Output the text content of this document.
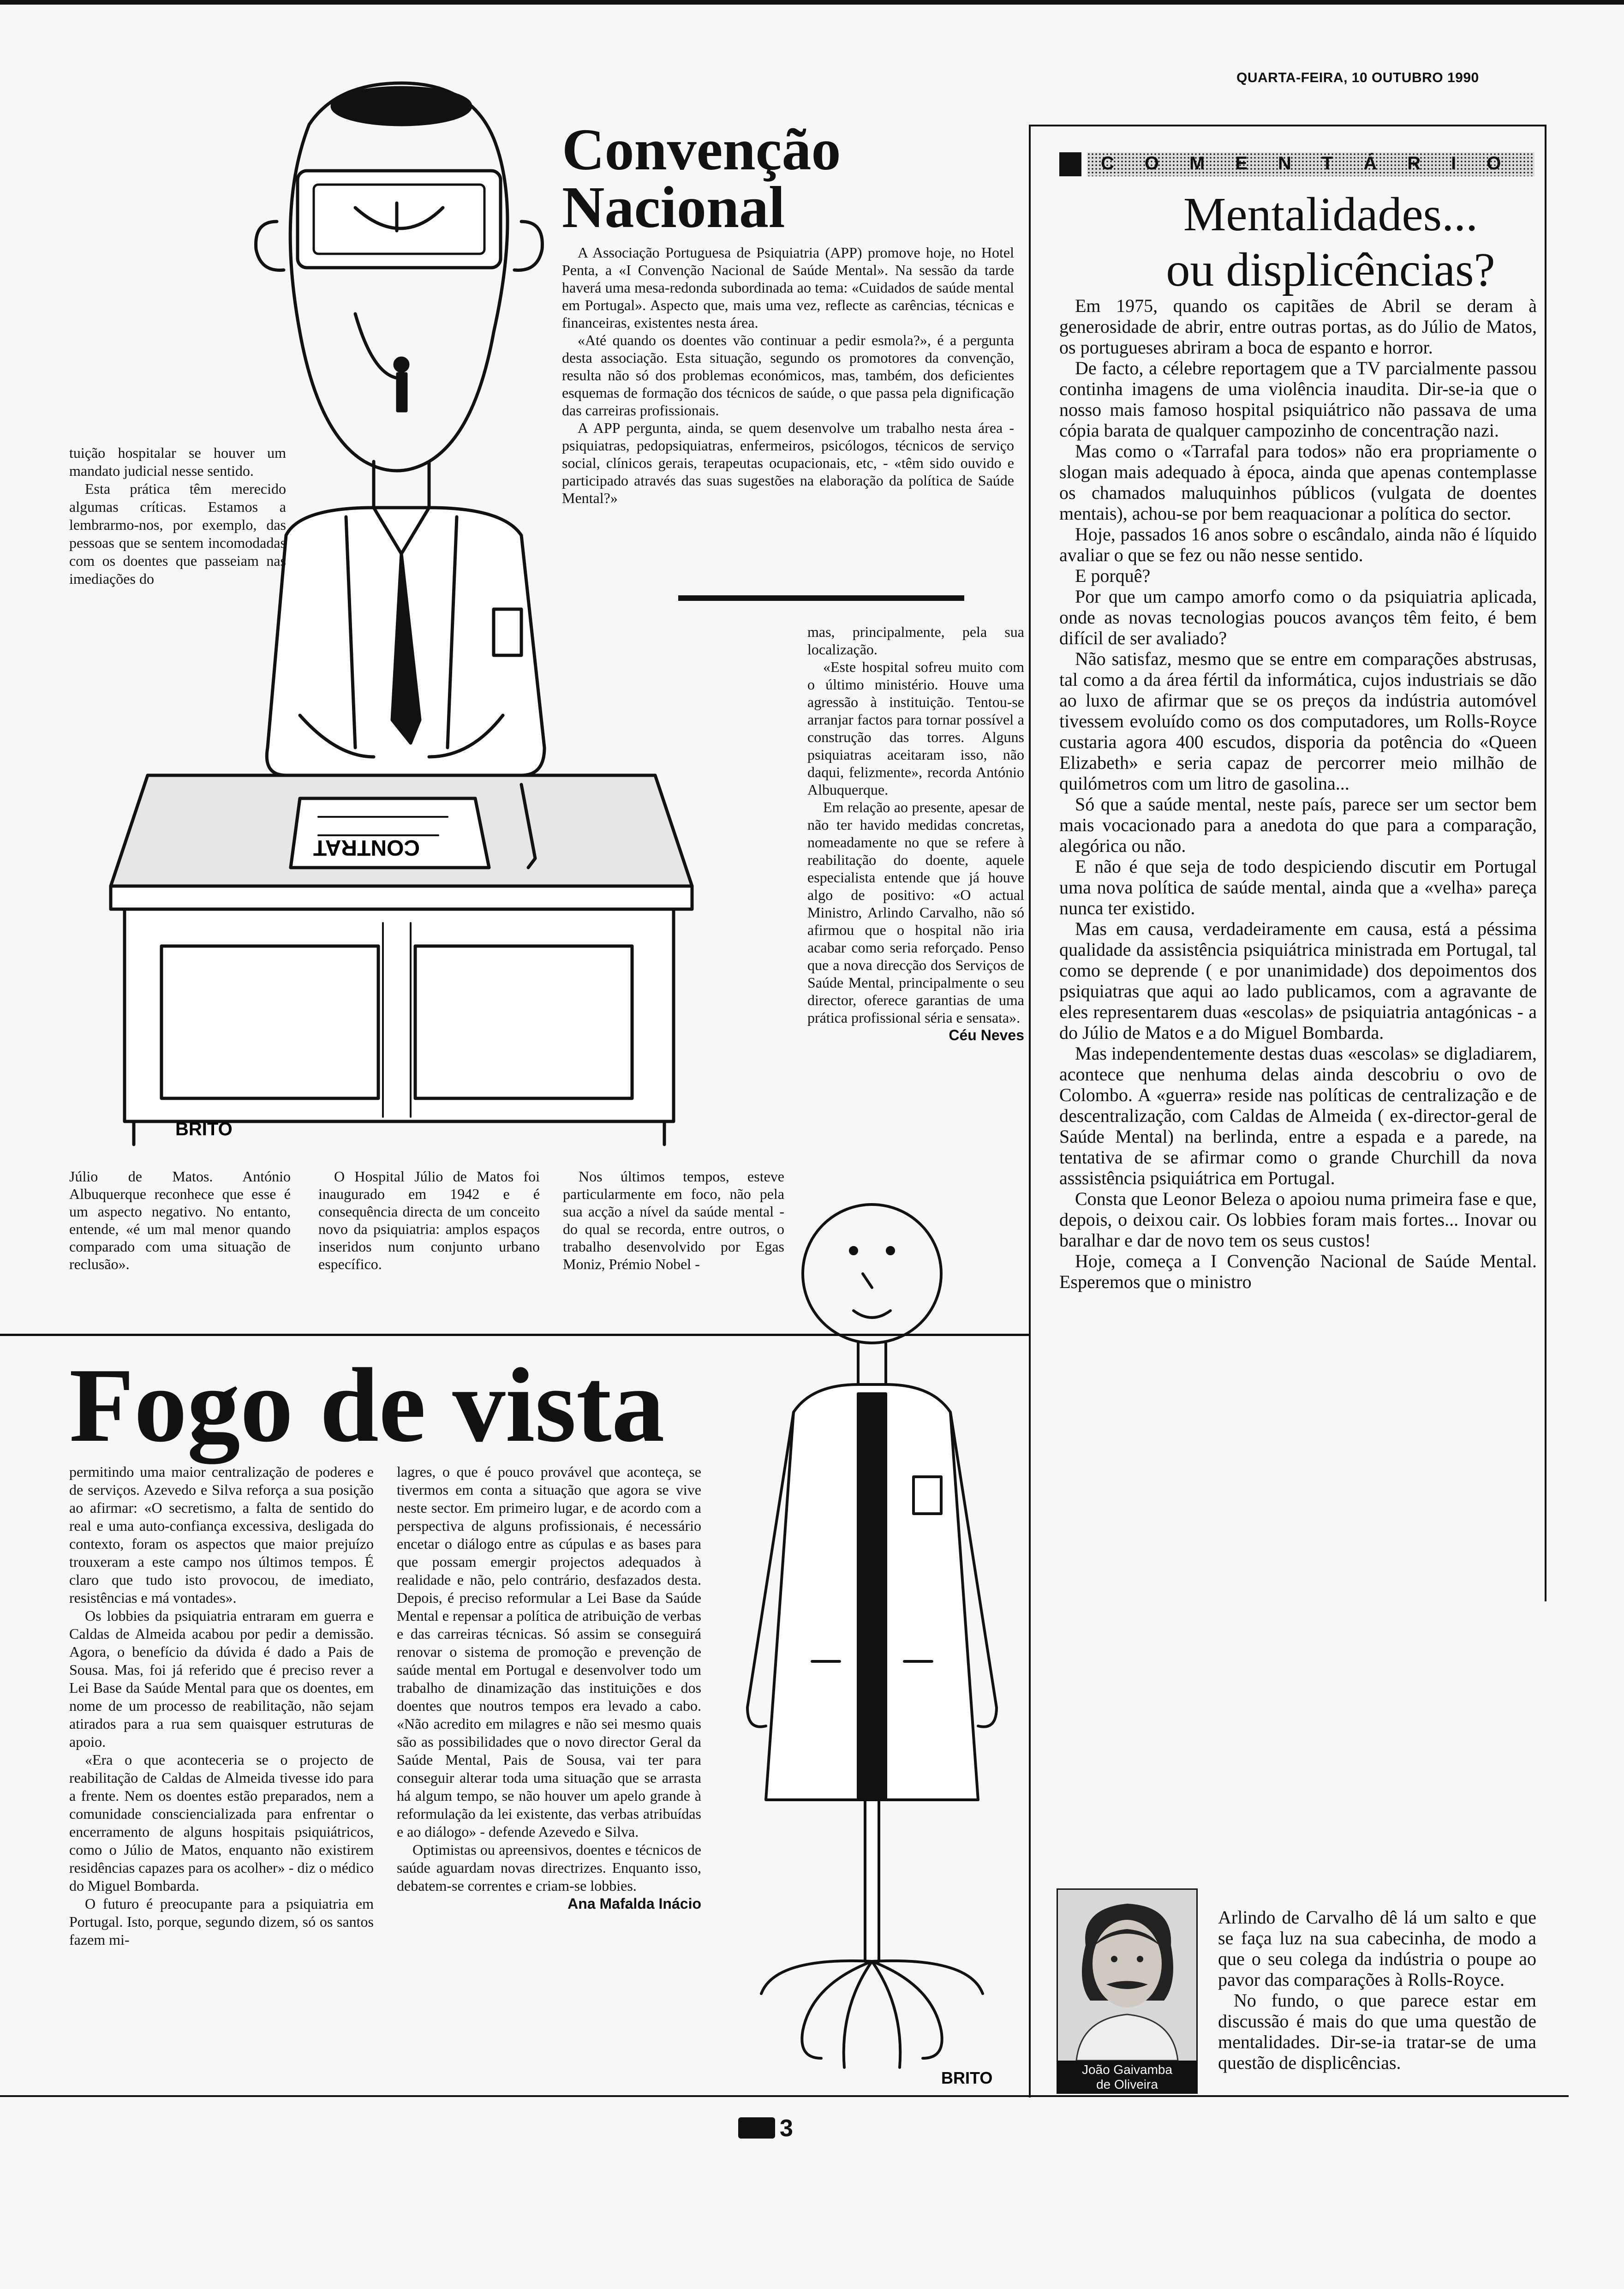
QUARTA-FEIRA, 10 OUTUBRO 1990
CONTRAT
BRITO
Convenção
Nacional

A Associação Portuguesa de Psiquiatria (APP) promove hoje, no Hotel Penta, a «I Convenção Nacional de Saúde Mental». Na sessão da tarde haverá uma mesa-redonda subordinada ao tema: «Cuidados de saúde mental em Portugal». Aspecto que, mais uma vez, reflecte as carências, técnicas e financeiras, existentes nesta área.

«Até quando os doentes vão continuar a pedir esmola?», é a pergunta desta associação. Esta situação, segundo os promotores da convenção, resulta não só dos problemas económicos, mas, também, dos deficientes esquemas de formação dos técnicos de saúde, o que passa pela dignificação das carreiras profissionais.

A APP pergunta, ainda, se quem desenvolve um trabalho nesta área - psiquiatras, pedopsiquiatras, enfermeiros, psicólogos, técnicos de serviço social, clínicos gerais, terapeutas ocupacionais, etc, - «têm sido ouvido e participado através das suas sugestões na elaboração da política de Saúde Mental?»

tuição hospitalar se houver um mandato judicial nesse sentido.

Esta prática têm merecido algumas críticas. Estamos a lembrarmo-nos, por exemplo, das pessoas que se sentem incomodadas com os doentes que passeiam nas imediações do

mas, principalmente, pela sua localização.

«Este hospital sofreu muito com o último ministério. Houve uma agressão à instituição. Tentou-se arranjar factos para tornar possível a construção das torres. Alguns psiquiatras aceitaram isso, não daqui, felizmente», recorda António Albuquerque.

Em relação ao presente, apesar de não ter havido medidas concretas, nomeadamente no que se refere à reabilitação do doente, aquele especialista entende que já houve algo de positivo: «O actual Ministro, Arlindo Carvalho, não só afirmou que o hospital não iria acabar como seria reforçado. Penso que a nova direcção dos Serviços de Saúde Mental, principalmente o seu director, oferece garantias de uma prática profissional séria e sensata».

Céu Neves

Júlio de Matos. António Albuquerque reconhece que esse é um aspecto negativo. No entanto, entende, «é um mal menor quando comparado com uma situação de reclusão».

O Hospital Júlio de Matos foi inaugurado em 1942 e é consequência directa de um conceito novo da psiquiatria: amplos espaços inseridos num conjunto urbano específico.

Nos últimos tempos, esteve particularmente em foco, não pela sua acção a nível da saúde mental - do qual se recorda, entre outros, o trabalho desenvolvido por Egas Moniz, Prémio Nobel -

Fogo de vista

permitindo uma maior centralização de poderes e de serviços. Azevedo e Silva reforça a sua posição ao afirmar: «O secretismo, a falta de sentido do real e uma auto-confiança excessiva, desligada do contexto, foram os aspectos que maior prejuízo trouxeram a este campo nos últimos tempos. É claro que tudo isto provocou, de imediato, resistências e má vontades».

Os lobbies da psiquiatria entraram em guerra e Caldas de Almeida acabou por pedir a demissão. Agora, o benefício da dúvida é dado a Pais de Sousa. Mas, foi já referido que é preciso rever a Lei Base da Saúde Mental para que os doentes, em nome de um processo de reabilitação, não sejam atirados para a rua sem quaisquer estruturas de apoio.

«Era o que aconteceria se o projecto de reabilitação de Caldas de Almeida tivesse ido para a frente. Nem os doentes estão preparados, nem a comunidade consciencializada para enfrentar o encerramento de alguns hospitais psiquiátricos, como o Júlio de Matos, enquanto não existirem residências capazes para os acolher» - diz o médico do Miguel Bombarda.

O futuro é preocupante para a psiquiatria em Portugal. Isto, porque, segundo dizem, só os santos fazem mi-

lagres, o que é pouco provável que aconteça, se tivermos em conta a situação que agora se vive neste sector. Em primeiro lugar, e de acordo com a perspectiva de alguns profissionais, é necessário encetar o diálogo entre as cúpulas e as bases para que possam emergir projectos adequados à realidade e não, pelo contrário, desfazados desta. Depois, é preciso reformular a Lei Base da Saúde Mental e repensar a política de atribuição de verbas e das carreiras técnicas. Só assim se conseguirá renovar o sistema de promoção e prevenção de saúde mental em Portugal e desenvolver todo um trabalho de dinamização das instituições e dos doentes que noutros tempos era levado a cabo. «Não acredito em milagres e não sei mesmo quais são as possibilidades que o novo director Geral da Saúde Mental, Pais de Sousa, vai ter para conseguir alterar toda uma situação que se arrasta há algum tempo, se não houver um apelo grande à reformulação da lei existente, das verbas atribuídas e ao diálogo» - defende Azevedo e Silva.

Optimistas ou apreensivos, doentes e técnicos de saúde aguardam novas directrizes. Enquanto isso, debatem-se correntes e criam-se lobbies.

Ana Mafalda Inácio
BRITO
COMENTÁRIO
Mentalidades...
ou displicências?

Em 1975, quando os capitães de Abril se deram à generosidade de abrir, entre outras portas, as do Júlio de Matos, os portugueses abriram a boca de espanto e horror.

De facto, a célebre reportagem que a TV parcialmente passou continha imagens de uma violência inaudita. Dir-se-ia que o nosso mais famoso hospital psiquiátrico não passava de uma cópia barata de qualquer campozinho de concentração nazi.

Mas como o «Tarrafal para todos» não era propriamente o slogan mais adequado à época, ainda que apenas contemplasse os chamados maluquinhos públicos (vulgata de doentes mentais), achou-se por bem reaquacionar a política do sector.

Hoje, passados 16 anos sobre o escândalo, ainda não é líquido avaliar o que se fez ou não nesse sentido.

E porquê?

Por que um campo amorfo como o da psiquiatria aplicada, onde as novas tecnologias poucos avanços têm feito, é bem difícil de ser avaliado?

Não satisfaz, mesmo que se entre em comparações abstrusas, tal como a da área fértil da informática, cujos industriais se dão ao luxo de afirmar que se os preços da indústria automóvel tivessem evoluído como os dos computadores, um Rolls-Royce custaria agora 400 escudos, disporia da potência do «Queen Elizabeth» e seria capaz de percorrer meio milhão de quilómetros com um litro de gasolina...

Só que a saúde mental, neste país, parece ser um sector bem mais vocacionado para a anedota do que para a comparação, alegórica ou não.

E não é que seja de todo despiciendo discutir em Portugal uma nova política de saúde mental, ainda que a «velha» pareça nunca ter existido.

Mas em causa, verdadeiramente em causa, está a péssima qualidade da assistência psiquiátrica ministrada em Portugal, tal como se deprende ( e por unanimidade) dos depoimentos dos psiquiatras que aqui ao lado publicamos, com a agravante de eles representarem duas «escolas» de psiquiatria antagónicas - a do Júlio de Matos e a do Miguel Bombarda.

Mas independentemente destas duas «escolas» se digladiarem, acontece que nenhuma delas ainda descobriu o ovo de Colombo. A «guerra» reside nas políticas de centralização e de descentralização, com Caldas de Almeida ( ex-director-geral de Saúde Mental) na berlinda, entre a espada e a parede, na tentativa de se afirmar como o grande Churchill da nova asssistência psiquiátrica em Portugal.

Consta que Leonor Beleza o apoiou numa primeira fase e que, depois, o deixou cair. Os lobbies foram mais fortes... Inovar ou baralhar e dar de novo tem os seus custos!

Hoje, começa a I Convenção Nacional de Saúde Mental. Esperemos que o ministro

Arlindo de Carvalho dê lá um salto e que se faça luz na sua cabecinha, de modo a que o seu colega da indústria o poupe ao pavor das comparações à Rolls-Royce.

No fundo, o que parece estar em discussão é mais do que uma questão de mentalidades. Dir-se-ia tratar-se de uma questão de displicências.

João Gaivamba
de Oliveira
3
